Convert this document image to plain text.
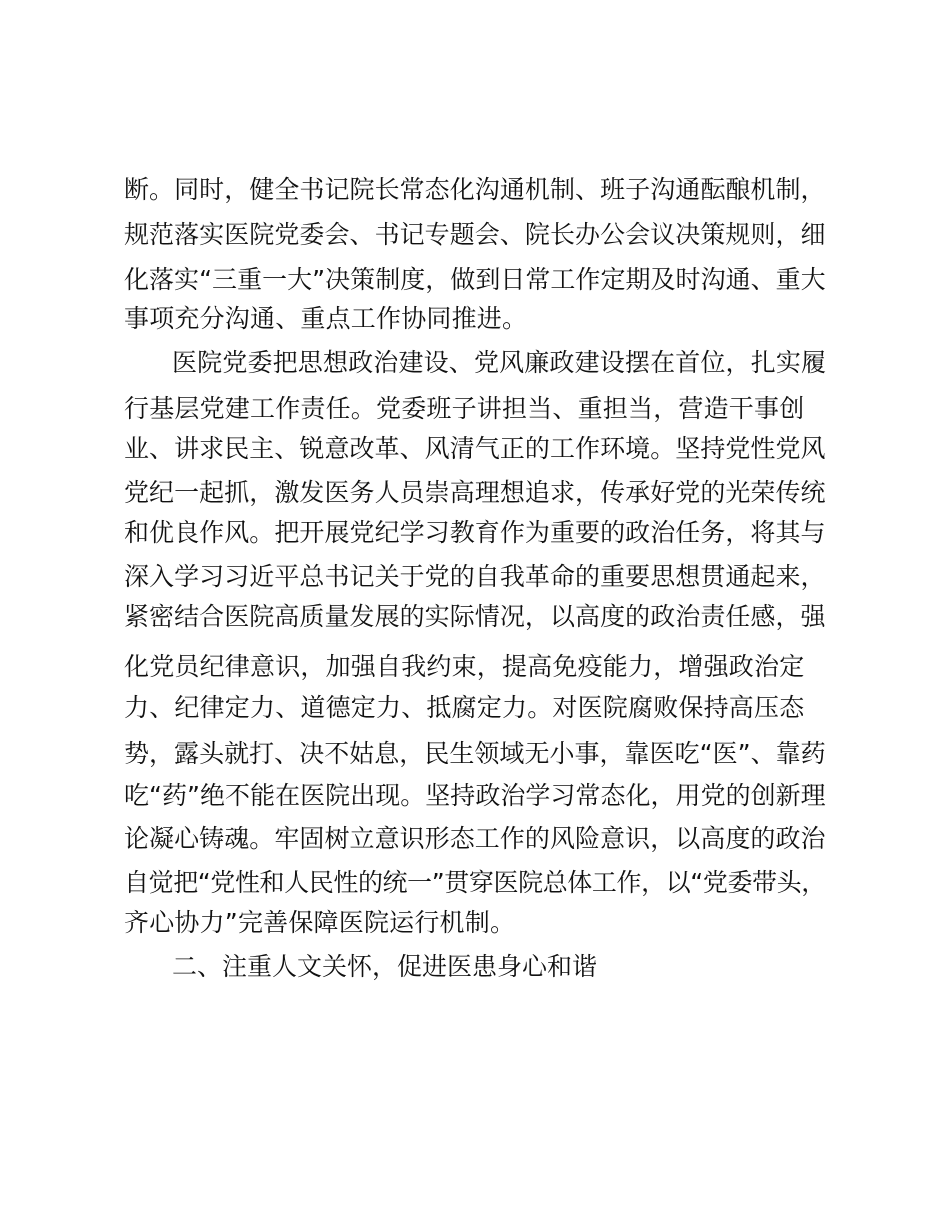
断。同时，健全书记院长常态化沟通机制、班子沟通酝酿机制，
规范落实医院党委会、书记专题会、院长办公会议决策规则，细
化落实“三重一大”决策制度，做到日常工作定期及时沟通、重大
事项充分沟通、重点工作协同推进。
医院党委把思想政治建设、党风廉政建设摆在首位，扎实履
行基层党建工作责任。党委班子讲担当、重担当，营造干事创
业、讲求民主、锐意改革、风清气正的工作环境。坚持党性党风
党纪一起抓，激发医务人员崇高理想追求，传承好党的光荣传统
和优良作风。把开展党纪学习教育作为重要的政治任务，将其与
深入学习习近平总书记关于党的自我革命的重要思想贯通起来，
紧密结合医院高质量发展的实际情况，以高度的政治责任感，强
化党员纪律意识，加强自我约束，提高免疫能力，增强政治定
力、纪律定力、道德定力、抵腐定力。对医院腐败保持高压态
势，露头就打、决不姑息，民生领域无小事，靠医吃“医”、靠药
吃“药”绝不能在医院出现。坚持政治学习常态化，用党的创新理
论凝心铸魂。牢固树立意识形态工作的风险意识，以高度的政治
自觉把“党性和人民性的统一”贯穿医院总体工作，以“党委带头，
齐心协力”完善保障医院运行机制。
二、注重人文关怀，促进医患身心和谐
